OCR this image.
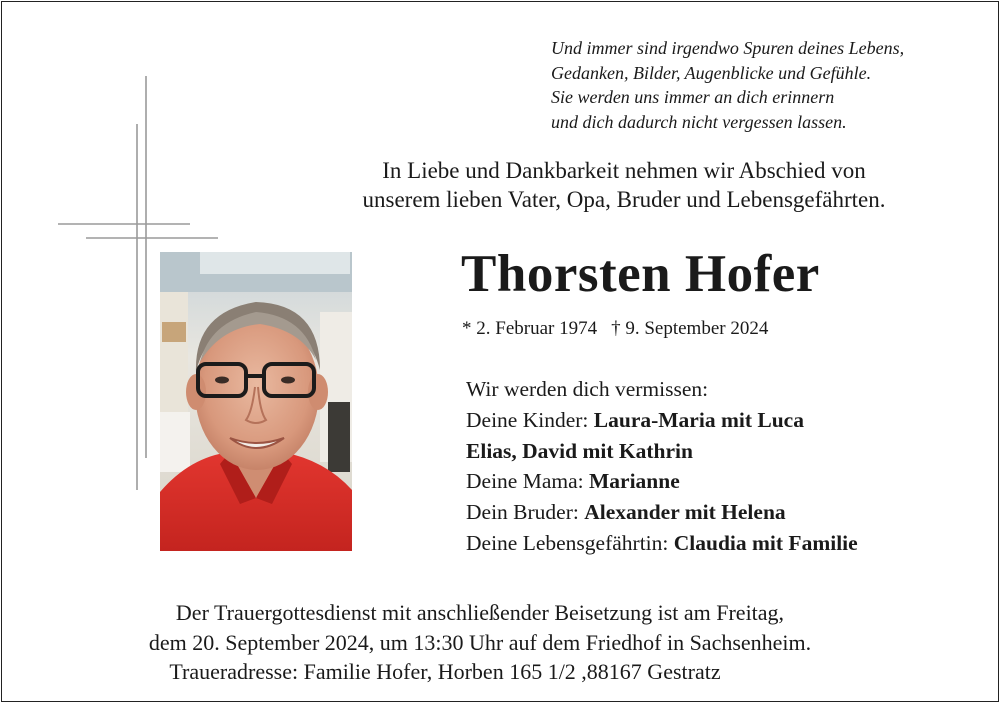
Und immer sind irgendwo Spuren deines Lebens,
Gedanken, Bilder, Augenblicke und Gefühle.
Sie werden uns immer an dich erinnern
und dich dadurch nicht vergessen lassen.
In Liebe und Dankbarkeit nehmen wir Abschied von
unserem lieben Vater, Opa, Bruder und Lebensgefährten.
Thorsten Hofer
* 2. Februar 1974 † 9. September 2024
Wir werden dich vermissen:
Deine Kinder: Laura-Maria mit Luca
Elias, David mit Kathrin
Deine Mama: Marianne
Dein Bruder: Alexander mit Helena
Deine Lebensgefährtin: Claudia mit Familie
Der Trauergottesdienst mit anschließender Beisetzung ist am Freitag,
dem 20. September 2024, um 13:30 Uhr auf dem Friedhof in Sachsenheim.
Traueradresse: Familie Hofer, Horben 165 1/2 ,88167 Gestratz
